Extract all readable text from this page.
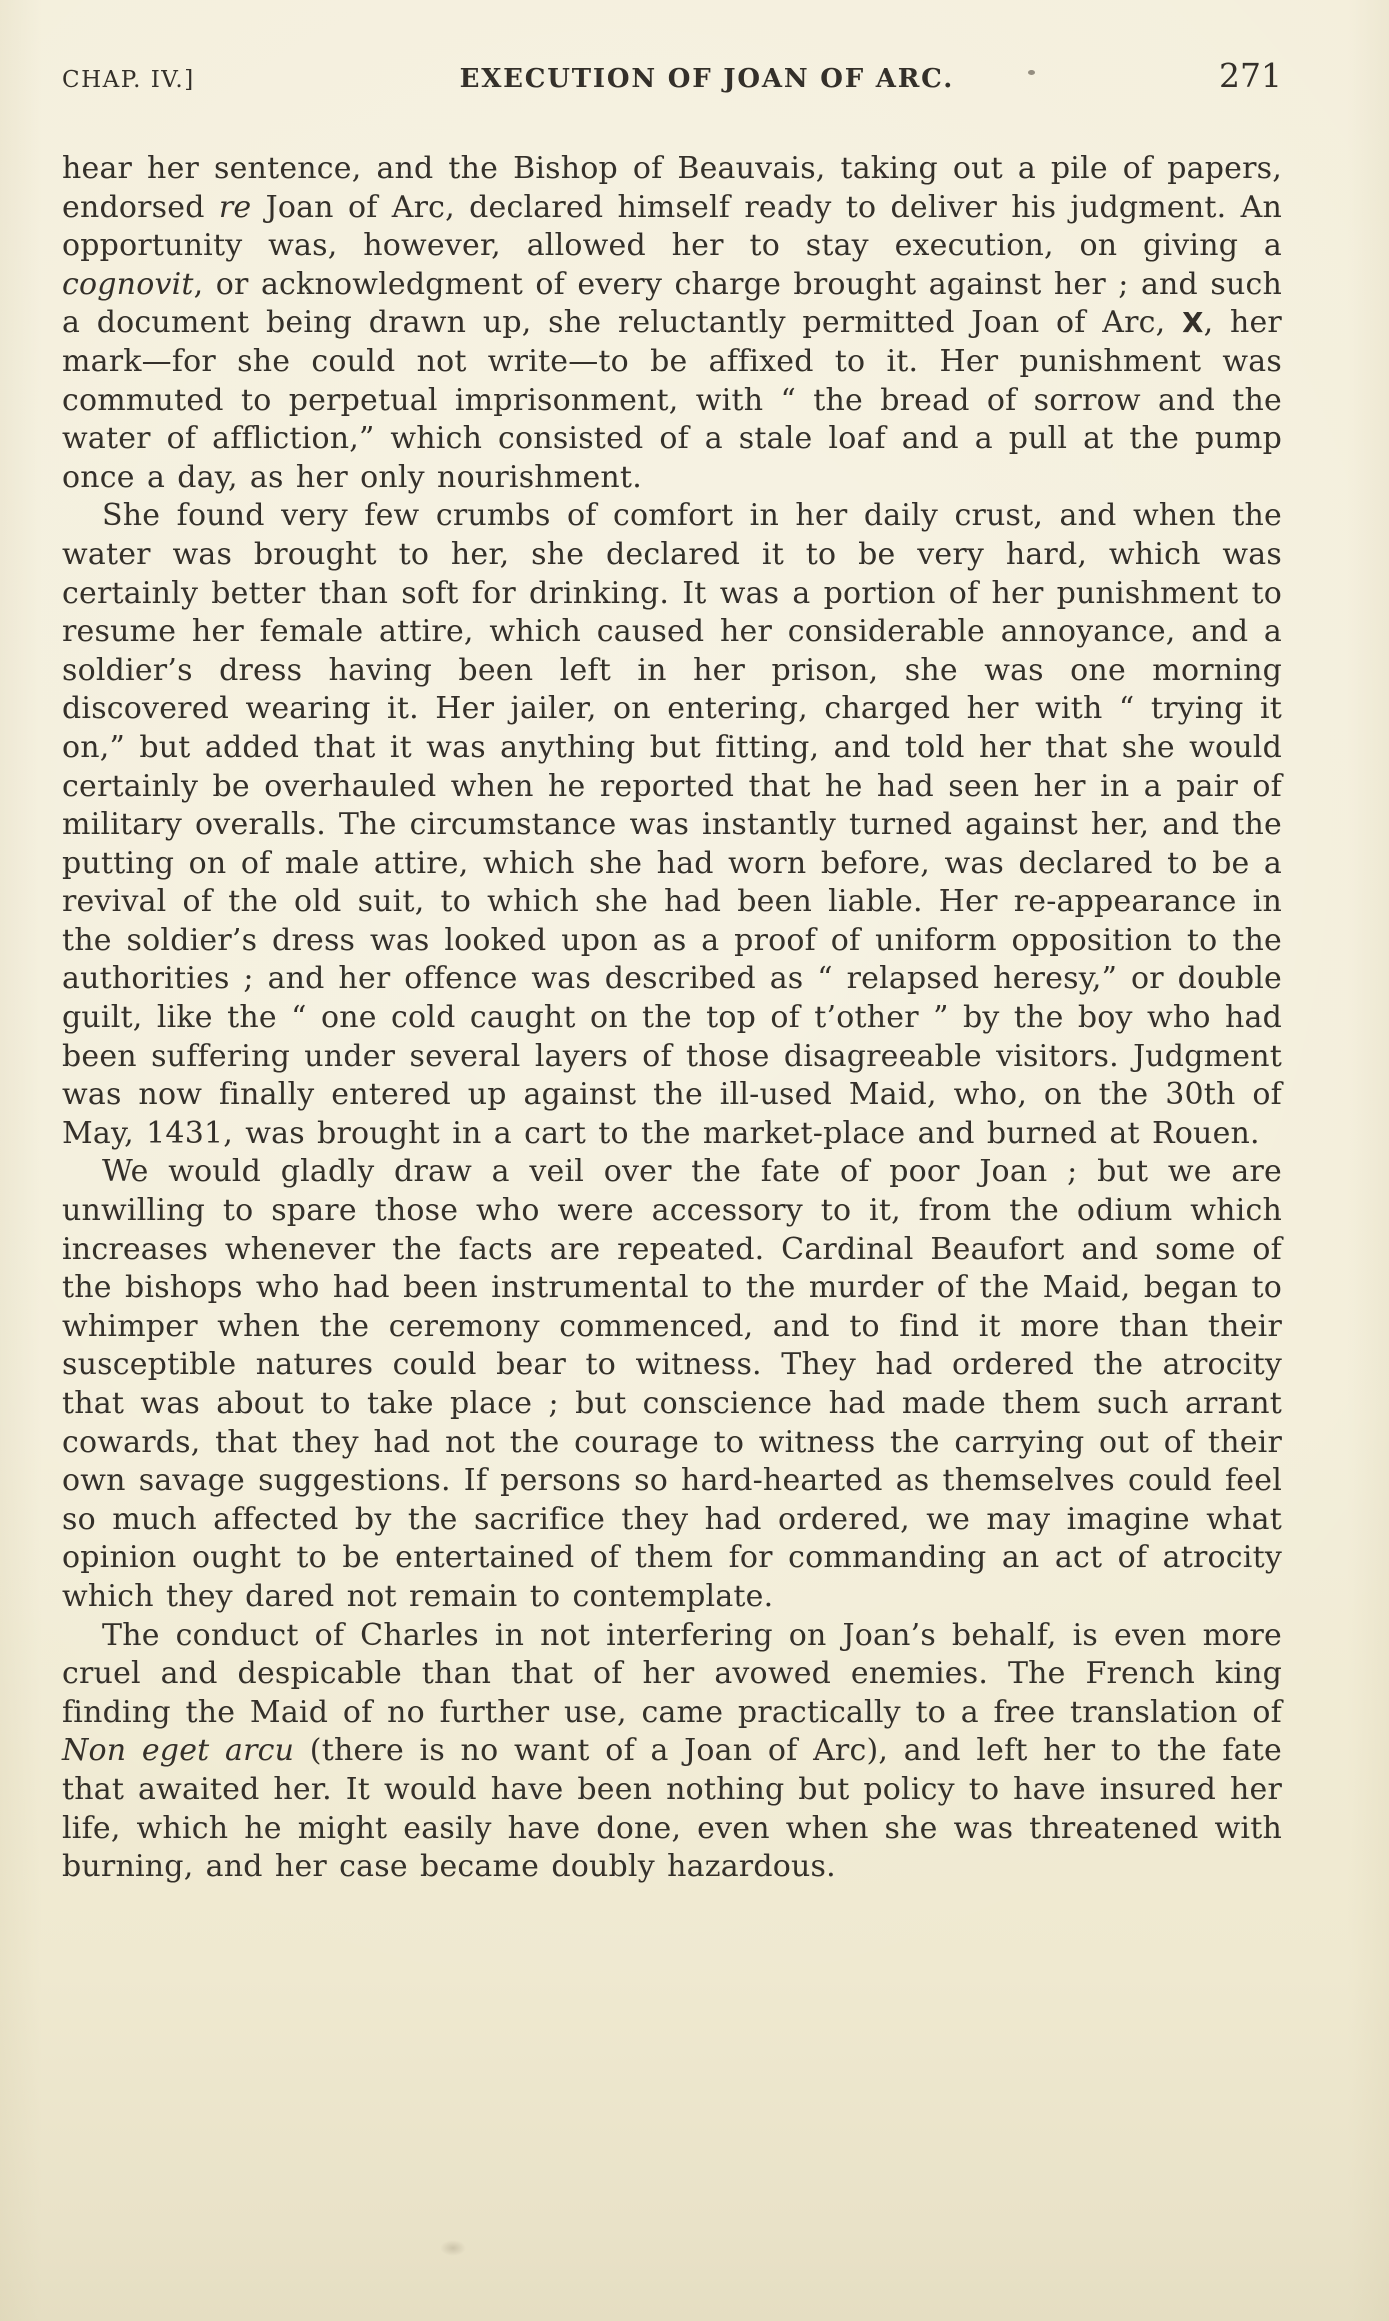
CHAP. IV.]	EXECUTION OF JOAN OF ARC.	271

hear her sentence, and the Bishop of Beauvais, taking out a pile of papers, endorsed re Joan of Arc, declared himself ready to deliver his judgment. An opportunity was, however, allowed her to stay execution, on giving a cognovit, or acknowledgment of every charge brought against her ; and such a document being drawn up, she reluctantly permitted Joan of Arc, X, her mark—for she could not write—to be affixed to it. Her punishment was commuted to perpetual imprisonment, with “ the bread of sorrow and the water of affliction,” which consisted of a stale loaf and a pull at the pump once a day, as her only nourishment.

She found very few crumbs of comfort in her daily crust, and when the water was brought to her, she declared it to be very hard, which was certainly better than soft for drinking. It was a portion of her punishment to resume her female attire, which caused her considerable annoyance, and a soldier’s dress having been left in her prison, she was one morning discovered wearing it. Her jailer, on entering, charged her with “ trying it on,” but added that it was anything but fitting, and told her that she would certainly be overhauled when he reported that he had seen her in a pair of military overalls. The circumstance was instantly turned against her, and the putting on of male attire, which she had worn before, was declared to be a revival of the old suit, to which she had been liable. Her re-appearance in the soldier’s dress was looked upon as a proof of uniform opposition to the authorities ; and her offence was described as “ relapsed heresy,” or double guilt, like the “ one cold caught on the top of t’other ” by the boy who had been suffering under several layers of those disagreeable visitors. Judgment was now finally entered up against the ill-used Maid, who, on the 30th of May, 1431, was brought in a cart to the market-place and burned at Rouen.

We would gladly draw a veil over the fate of poor Joan ; but we are unwilling to spare those who were accessory to it, from the odium which increases whenever the facts are repeated. Cardinal Beaufort and some of the bishops who had been instrumental to the murder of the Maid, began to whimper when the ceremony commenced, and to find it more than their susceptible natures could bear to witness. They had ordered the atrocity that was about to take place ; but conscience had made them such arrant cowards, that they had not the courage to witness the carrying out of their own savage suggestions. If persons so hard-hearted as themselves could feel so much affected by the sacrifice they had ordered, we may imagine what opinion ought to be entertained of them for commanding an act of atrocity which they dared not remain to contemplate.

The conduct of Charles in not interfering on Joan’s behalf, is even more cruel and despicable than that of her avowed enemies. The French king finding the Maid of no further use, came practically to a free translation of Non eget arcu (there is no want of a Joan of Arc), and left her to the fate that awaited her. It would have been nothing but policy to have insured her life, which he might easily have done, even when she was threatened with burning, and her case became doubly hazardous.
